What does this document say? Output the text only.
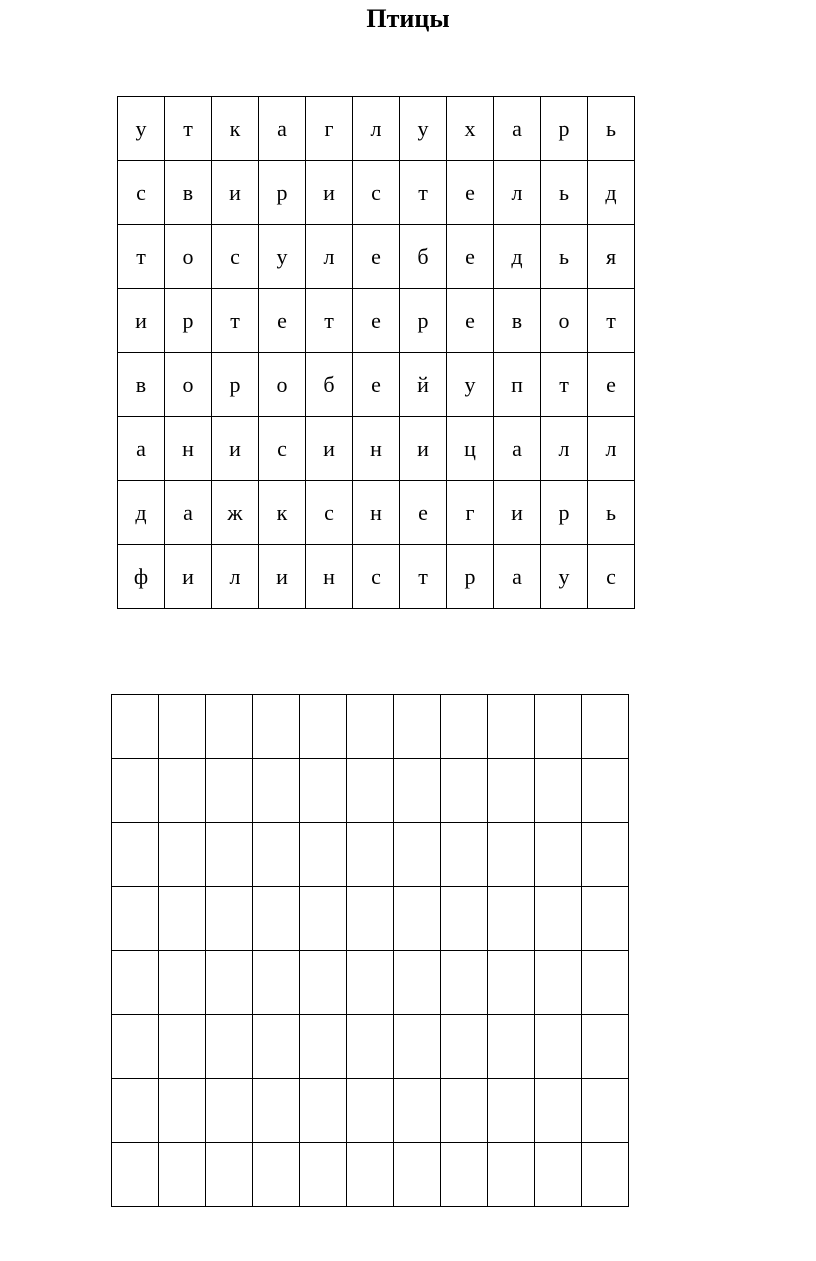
Птицы
у	т	к	а	г	л	у	х	а	р	ь
с	в	и	р	и	с	т	е	л	ь	д
т	о	с	у	л	е	б	е	д	ь	я
и	р	т	е	т	е	р	е	в	о	т
в	о	р	о	б	е	й	у	п	т	е
а	н	и	с	и	н	и	ц	а	л	л
д	а	ж	к	с	н	е	г	и	р	ь
ф	и	л	и	н	с	т	р	а	у	с
